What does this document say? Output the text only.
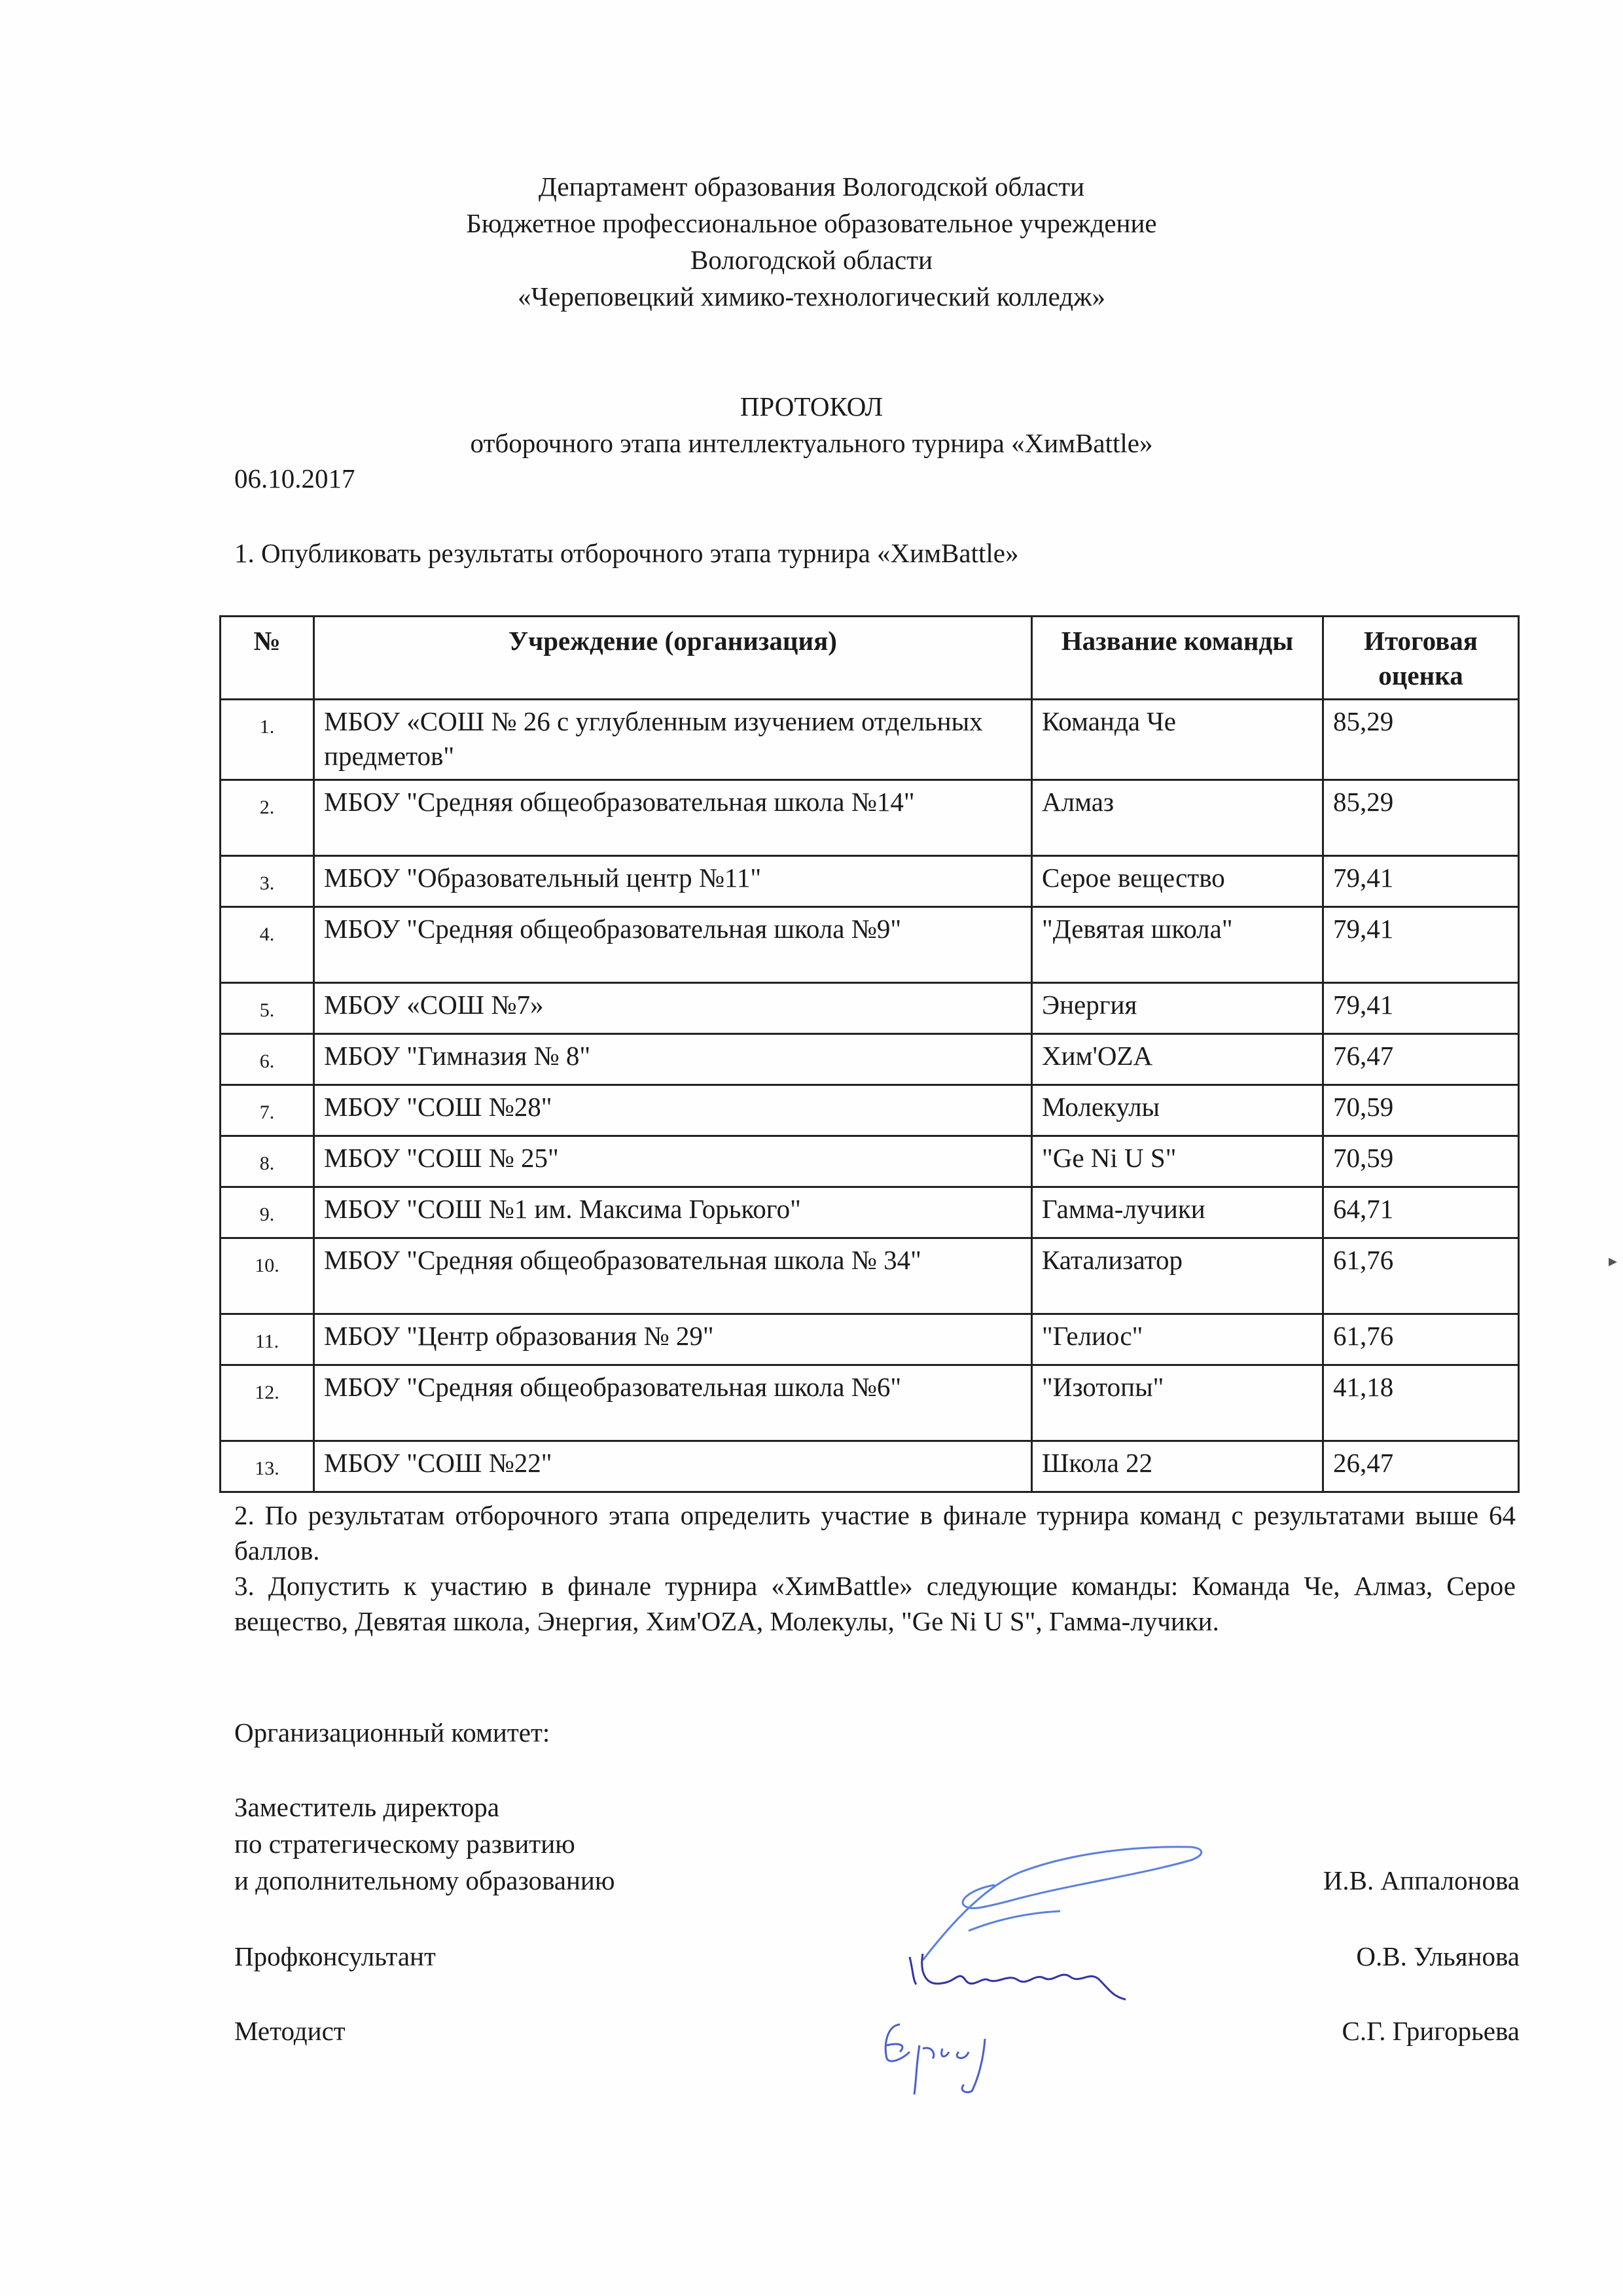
Департамент образования Вологодской области
Бюджетное профессиональное образовательное учреждение
Вологодской области
«Череповецкий химико-технологический колледж»
ПРОТОКОЛ
отборочного этапа интеллектуального турнира «ХимBattle»
06.10.2017
1. Опубликовать результаты отборочного этапа турнира «ХимBattle»
№	Учреждение (организация)	Название команды	Итоговая оценка
1.	МБОУ «СОШ № 26 с углубленным изучением отдельных предметов"	Команда Че	85,29
2.	МБОУ "Средняя общеобразовательная школа №14"	Алмаз	85,29
3.	МБОУ "Образовательный центр №11"	Серое вещество	79,41
4.	МБОУ "Средняя общеобразовательная школа №9"	"Девятая школа"	79,41
5.	МБОУ «СОШ №7»	Энергия	79,41
6.	МБОУ "Гимназия № 8"	Хим'OZA	76,47
7.	МБОУ "СОШ №28"	Молекулы	70,59
8.	МБОУ "СОШ № 25"	"Ge Ni U S"	70,59
9.	МБОУ "СОШ №1 им. Максима Горького"	Гамма-лучики	64,71
10.	МБОУ "Средняя общеобразовательная школа № 34"	Катализатор	61,76
11.	МБОУ "Центр образования № 29"	"Гелиос"	61,76
12.	МБОУ "Средняя общеобразовательная школа №6"	"Изотопы"	41,18
13.	МБОУ "СОШ №22"	Школа 22	26,47
2. По результатам отборочного этапа определить участие в финале турнира команд с результатами выше 64 баллов.
3. Допустить к участию в финале турнира «ХимBattle» следующие команды: Команда Че, Алмаз, Серое вещество, Девятая школа, Энергия, Хим'OZA, Молекулы, "Ge Ni U S", Гамма-лучики.
Организационный комитет:
Заместитель директора
по стратегическому развитию
и дополнительному образованию	И.В. Аппалонова
Профконсультант	О.В. Ульянова
Методист	С.Г. Григорьева
▸
